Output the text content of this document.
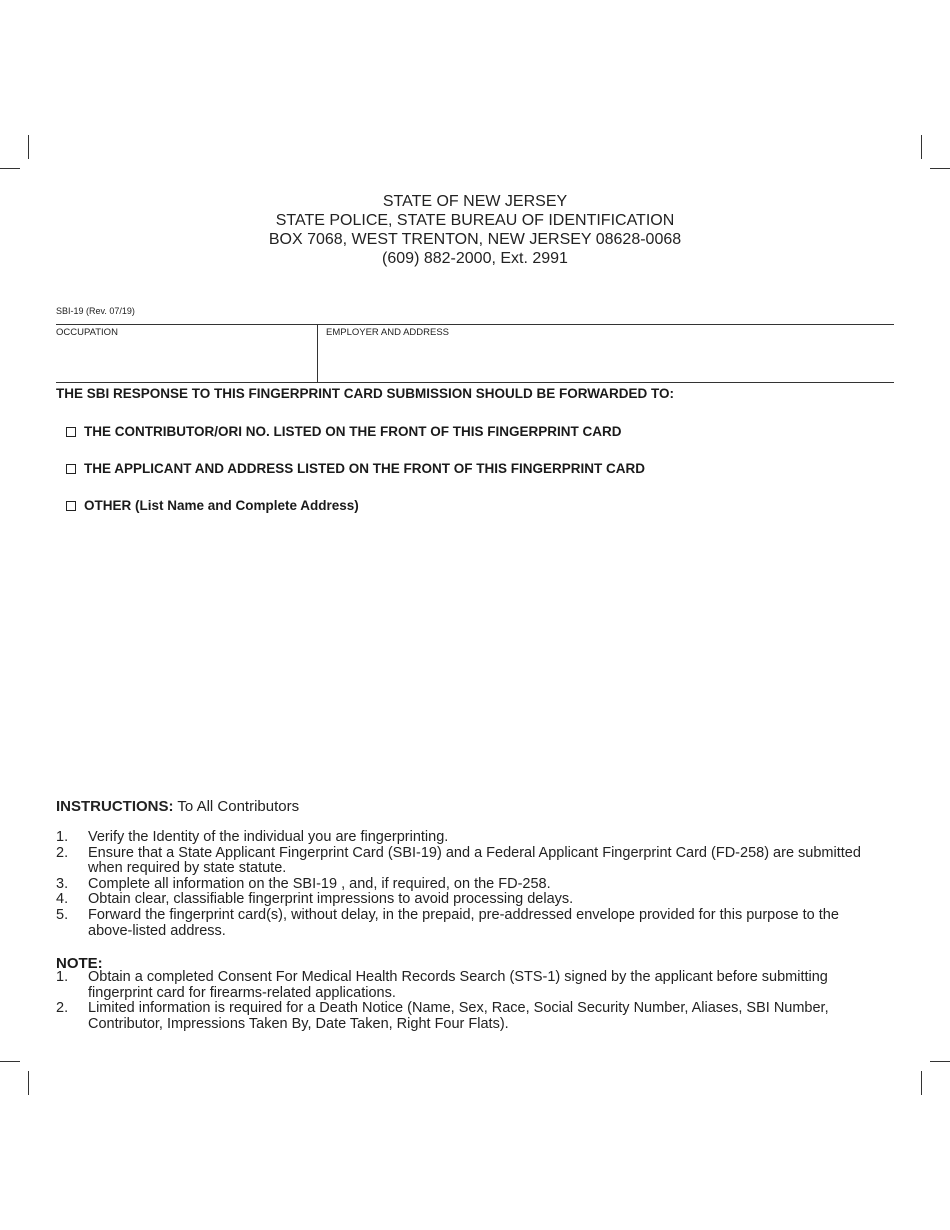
STATE OF NEW JERSEY
STATE POLICE, STATE BUREAU OF IDENTIFICATION
BOX 7068, WEST TRENTON, NEW JERSEY 08628-0068
(609) 882-2000, Ext. 2991
SBI-19 (Rev. 07/19)
OCCUPATION	EMPLOYER AND ADDRESS
THE SBI RESPONSE TO THIS FINGERPRINT CARD SUBMISSION SHOULD BE FORWARDED TO:
THE CONTRIBUTOR/ORI NO. LISTED ON THE FRONT OF THIS FINGERPRINT CARD
THE APPLICANT AND ADDRESS LISTED ON THE FRONT OF THIS FINGERPRINT CARD
OTHER (List Name and Complete Address)
INSTRUCTIONS: To All Contributors
1.	Verify the Identity of the individual you are fingerprinting.
2.	Ensure that a State Applicant Fingerprint Card (SBI-19) and a Federal Applicant Fingerprint Card (FD-258) are submitted when required by state statute.
3.	Complete all information on the SBI-19 , and, if required, on the FD-258.
4.	Obtain clear, classifiable fingerprint impressions to avoid processing delays.
5.	Forward the fingerprint card(s), without delay, in the prepaid, pre-addressed envelope provided for this purpose to the above-listed address.
NOTE:
1.	Obtain a completed Consent For Medical Health Records Search (STS-1) signed by the applicant before submitting fingerprint card for firearms-related applications.
2.	Limited information is required for a Death Notice (Name, Sex, Race, Social Security Number, Aliases, SBI Number, Contributor, Impressions Taken By, Date Taken, Right Four Flats).
